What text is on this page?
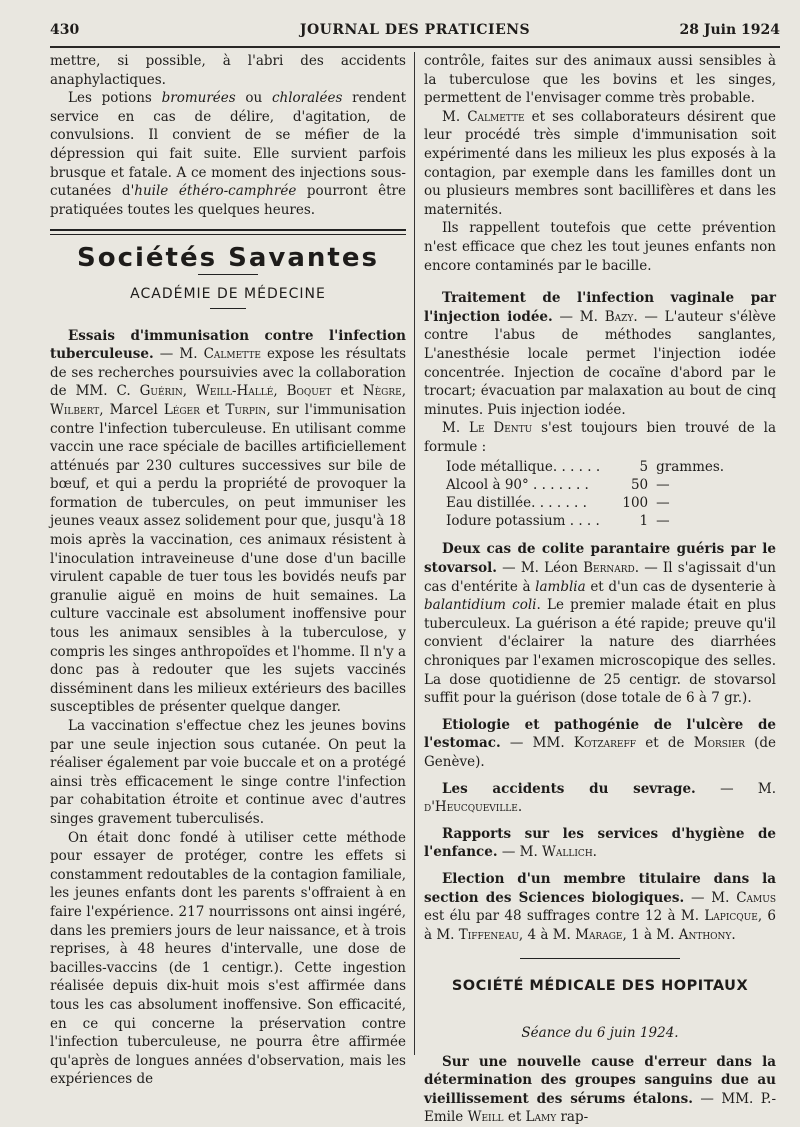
430	JOURNAL DES PRATICIENS	28 Juin 1924

mettre, si possible, à l'abri des accidents anaphylactiques.

Les potions bromurées ou chloralées rendent service en cas de délire, d'agitation, de convulsions. Il convient de se méfier de la dépression qui fait suite. Elle survient parfois brusque et fatale. A ce moment des injections sous-cutanées d'huile éthéro-camphrée pourront être pratiquées toutes les quelques heures.

Sociétés Savantes
ACADÉMIE DE MÉDECINE

Essais d'immunisation contre l'infection tuberculeuse. — M. Calmette expose les résultats de ses recherches poursuivies avec la collaboration de MM. C. Guérin, Weill-Hallé, Boquet et Nègre, Wilbert, Marcel Léger et Turpin, sur l'immunisation contre l'infection tuberculeuse. En utilisant comme vaccin une race spéciale de bacilles artificiellement atténués par 230 cultures successives sur bile de bœuf, et qui a perdu la propriété de provoquer la formation de tubercules, on peut immuniser les jeunes veaux assez solidement pour que, jusqu'à 18 mois après la vaccination, ces animaux résistent à l'inoculation intraveineuse d'une dose d'un bacille virulent capable de tuer tous les bovidés neufs par granulie aiguë en moins de huit semaines. La culture vaccinale est absolument inoffensive pour tous les animaux sensibles à la tuberculose, y compris les singes anthropoïdes et l'homme. Il n'y a donc pas à redouter que les sujets vaccinés disséminent dans les milieux extérieurs des bacilles susceptibles de présenter quelque danger.

La vaccination s'effectue chez les jeunes bovins par une seule injection sous cutanée. On peut la réaliser également par voie buccale et on a protégé ainsi très efficacement le singe contre l'infection par cohabitation étroite et continue avec d'autres singes gravement tuberculisés.

On était donc fondé à utiliser cette méthode pour essayer de protéger, contre les effets si constamment redoutables de la contagion familiale, les jeunes enfants dont les parents s'offraient à en faire l'expérience. 217 nourrissons ont ainsi ingéré, dans les premiers jours de leur naissance, et à trois reprises, à 48 heures d'intervalle, une dose de bacilles-vaccins (de 1 centigr.). Cette ingestion réalisée depuis dix-huit mois s'est affirmée dans tous les cas absolument inoffensive. Son efficacité, en ce qui concerne la préservation contre l'infection tuberculeuse, ne pourra être affirmée qu'après de longues années d'observation, mais les expériences de

contrôle, faites sur des animaux aussi sensibles à la tuberculose que les bovins et les singes, permettent de l'envisager comme très probable.

M. Calmette et ses collaborateurs désirent que leur procédé très simple d'immunisation soit expérimenté dans les milieux les plus exposés à la contagion, par exemple dans les familles dont un ou plusieurs membres sont bacillifères et dans les maternités.

Ils rappellent toutefois que cette prévention n'est efficace que chez les tout jeunes enfants non encore contaminés par le bacille.

Traitement de l'infection vaginale par l'injection iodée. — M. Bazy. — L'auteur s'élève contre l'abus de méthodes sanglantes, L'anesthésie locale permet l'injection iodée concentrée. Injection de cocaïne d'abord par le trocart; évacuation par malaxation au bout de cinq minutes. Puis injection iodée.

M. Le Dentu s'est toujours bien trouvé de la formule :

Iode métallique. . . . . .	5	grammes.
Alcool à 90° . . . . . . .	50	—
Eau distillée. . . . . . .	100	—
Iodure potassium . . . .	1	—

Deux cas de colite parantaire guéris par le stovarsol. — M. Léon Bernard. — Il s'agissait d'un cas d'entérite à lamblia et d'un cas de dysenterie à balantidium coli. Le premier malade était en plus tuberculeux. La guérison a été rapide; preuve qu'il convient d'éclairer la nature des diarrhées chroniques par l'examen microscopique des selles. La dose quotidienne de 25 centigr. de stovarsol suffit pour la guérison (dose totale de 6 à 7 gr.).

Etiologie et pathogénie de l'ulcère de l'estomac. — MM. Kotzareff et de Morsier (de Genève).

Les accidents du sevrage. — M. d'Heucqueville.

Rapports sur les services d'hygiène de l'enfance. — M. Wallich.

Election d'un membre titulaire dans la section des Sciences biologiques. — M. Camus est élu par 48 suffrages contre 12 à M. Lapicque, 6 à M. Tiffeneau, 4 à M. Marage, 1 à M. Anthony.

SOCIÉTÉ MÉDICALE DES HOPITAUX
Séance du 6 juin 1924.

Sur une nouvelle cause d'erreur dans la détermination des groupes sanguins due au vieillissement des sérums étalons. — MM. P.-Emile Weill et Lamy rap-
